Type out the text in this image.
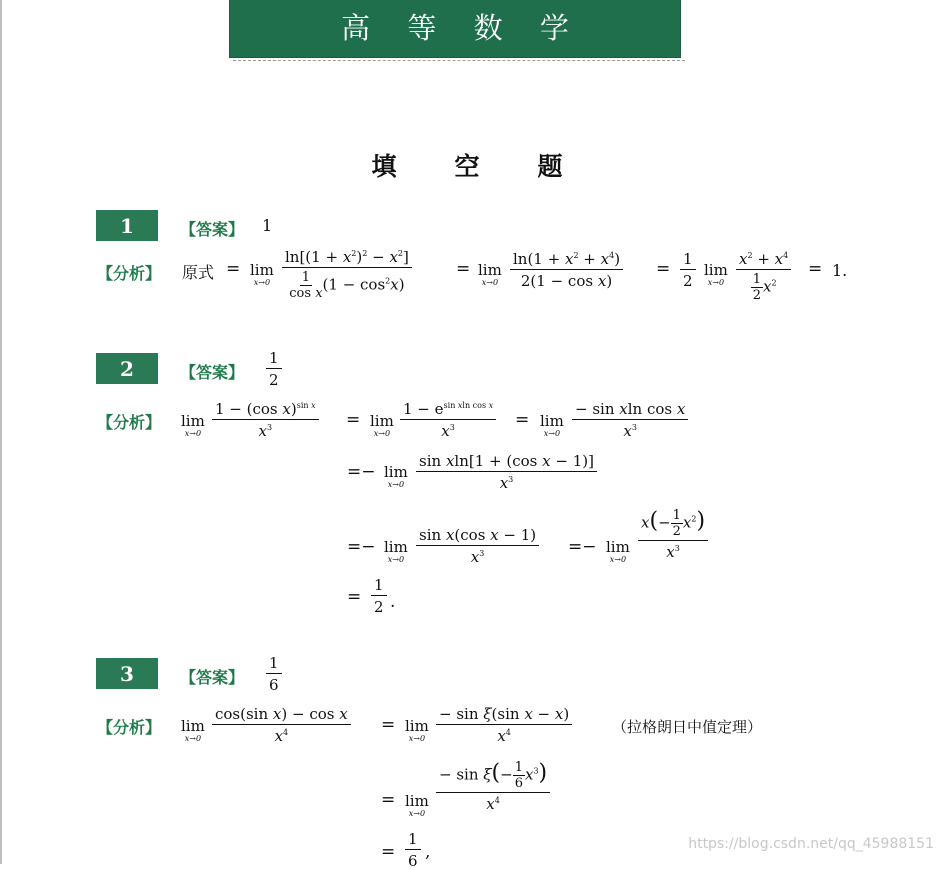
高 等 数 学
填空题
1	【答案】 1
【分析】 原式 = lim
$x\to 0 \frac{\ln[(1 + x^2)^2 - x^2]}{\frac{1}{\text{cos x}} (1 - \cos^2x)}$	= lim
$x\to 0 \frac{\ln(1 + x^2 + x^4)}{\text{2(1 − cos x)}} = \frac{1}{2}$ lim
$x\to 0 \frac{x^2 + x^4}{\frac{1}{2} x^2} = 1$.
2	【答案】 $\frac{1}{2}$
【分析】 lim
$x\to 0 \frac{1 - (\cos x)^{sin x}}{x^3} = \lim$
$x\to 0 \frac{1 - e^{sin xln cos x}}{x^3} = \lim$
$x\to 0 \frac{\text{− sin xln cos x}}{x^3}$
=− lim
$x\to 0 \frac{\text{sin xln[1 + (cos x − 1)]}}{x^3}$
=− lim
$x\to 0 \frac{\text{sin x(cos x − 1)}}{x^3} =- \lim$
$x\to 0 \frac{x(- \frac{1}{2} x^2)}{x^3}$
= $\frac{1}{2}$ .
3	【答案】 $\frac{1}{6}$
【分析】 lim
$x\to 0 \frac{\text{cos(sin x) − cos x}}{x^4} = \lim$
$x\to 0 \frac{\text{− sin ξ(sin x − x)}}{x^4}$	（拉格朗日中值定理）
= lim
x→0
$\frac{- \sin \xi(- \frac{1}{6} x^3)}{x^4}$
= $\frac{1}{6}$ ,	https://blog.csdn.net/qq_45988151
